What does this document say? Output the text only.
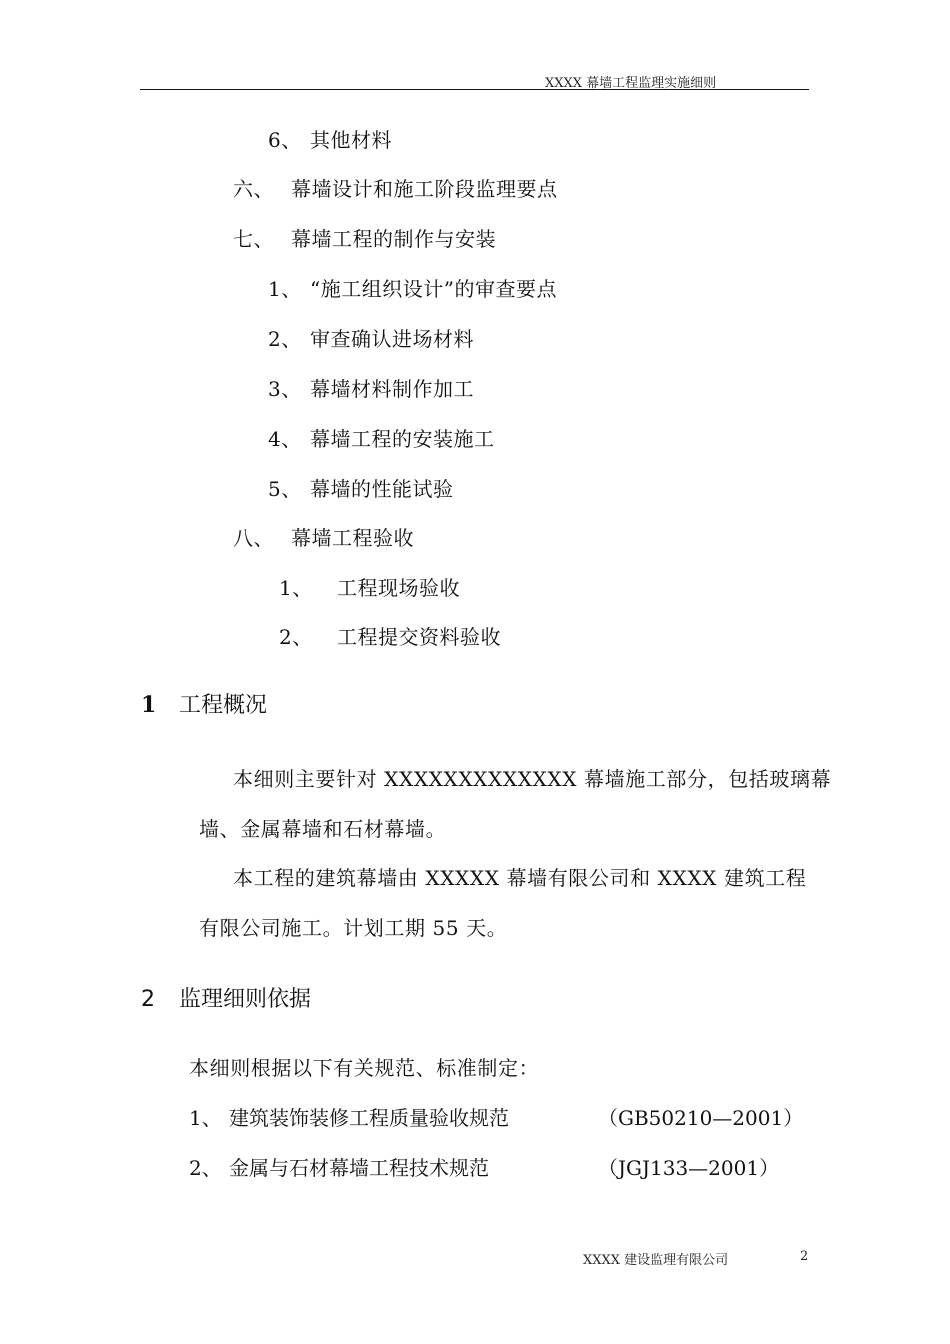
XXXX 幕墙工程监理实施细则
6、 其他材料
六、 幕墙设计和施工阶段监理要点
七、 幕墙工程的制作与安装
1、 “施工组织设计”的审查要点
2、 审查确认进场材料
3、 幕墙材料制作加工
4、 幕墙工程的安装施工
5、 幕墙的性能试验
八、 幕墙工程验收
1、 工程现场验收
2、 工程提交资料验收
1 工程概况
本细则主要针对 XXXXXXXXXXXXX 幕墙施工部分，包括玻璃幕
墙、金属幕墙和石材幕墙。
本工程的建筑幕墙由 XXXXX 幕墙有限公司和 XXXX 建筑工程
有限公司施工。计划工期 55 天。
2 监理细则依据
本细则根据以下有关规范、标准制定：
1、 建筑装饰装修工程质量验收规范	（GB50210—2001）
2、 金属与石材幕墙工程技术规范	（JGJ133—2001）
XXXX 建设监理有限公司	2
